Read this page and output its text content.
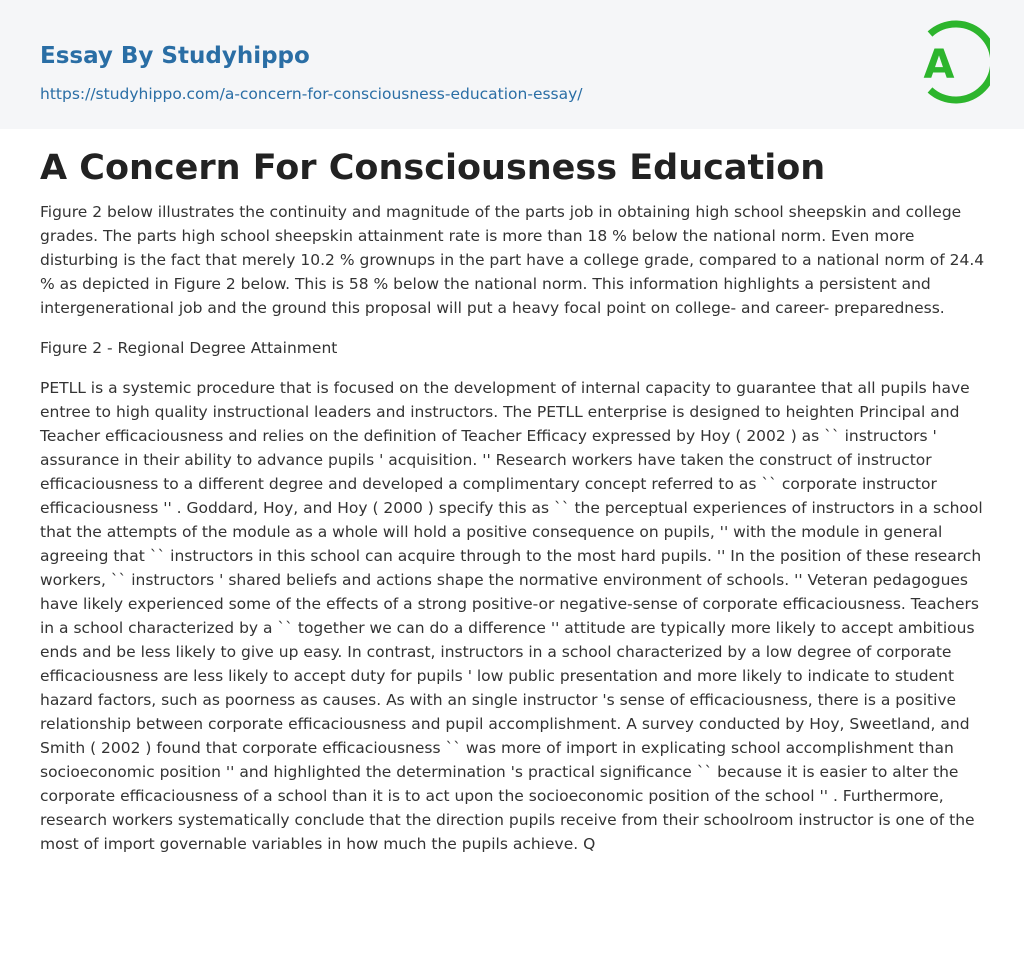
Essay By Studyhippo
https://studyhippo.com/a-concern-for-consciousness-education-essay/
A
A Concern For Consciousness Education

Figure 2 below illustrates the continuity and magnitude of the parts job in obtaining high school sheepskin and college grades. The parts high school sheepskin attainment rate is more than 18 % below the national norm. Even more disturbing is the fact that merely 10.2 % grownups in the part have a college grade, compared to a national norm of 24.4 % as depicted in Figure 2 below. This is 58 % below the national norm. This information highlights a persistent and intergenerational job and the ground this proposal will put a heavy focal point on college- and career- preparedness.

Figure 2 - Regional Degree Attainment

PETLL is a systemic procedure that is focused on the development of internal capacity to guarantee that all pupils have entree to high quality instructional leaders and instructors. The PETLL enterprise is designed to heighten Principal and Teacher efficaciousness and relies on the definition of Teacher Efficacy expressed by Hoy ( 2002 ) as `` instructors ' assurance in their ability to advance pupils ' acquisition. '' Research workers have taken the construct of instructor efficaciousness to a different degree and developed a complimentary concept referred to as `` corporate instructor efficaciousness '' . Goddard, Hoy, and Hoy ( 2000 ) specify this as `` the perceptual experiences of instructors in a school that the attempts of the module as a whole will hold a positive consequence on pupils, '' with the module in general agreeing that `` instructors in this school can acquire through to the most hard pupils. '' In the position of these research workers, `` instructors ' shared beliefs and actions shape the normative environment of schools. '' Veteran pedagogues have likely experienced some of the effects of a strong positive-or negative-sense of corporate efficaciousness. Teachers in a school characterized by a `` together we can do a difference '' attitude are typically more likely to accept ambitious ends and be less likely to give up easy. In contrast, instructors in a school characterized by a low degree of corporate efficaciousness are less likely to accept duty for pupils ' low public presentation and more likely to indicate to student hazard factors, such as poorness as causes. As with an single instructor 's sense of efficaciousness, there is a positive relationship between corporate efficaciousness and pupil accomplishment. A survey conducted by Hoy, Sweetland, and Smith ( 2002 ) found that corporate efficaciousness `` was more of import in explicating school accomplishment than socioeconomic position '' and highlighted the determination 's practical significance `` because it is easier to alter the corporate efficaciousness of a school than it is to act upon the socioeconomic position of the school '' . Furthermore, research workers systematically conclude that the direction pupils receive from their schoolroom instructor is one of the most of import governable variables in how much the pupils achieve. Q
